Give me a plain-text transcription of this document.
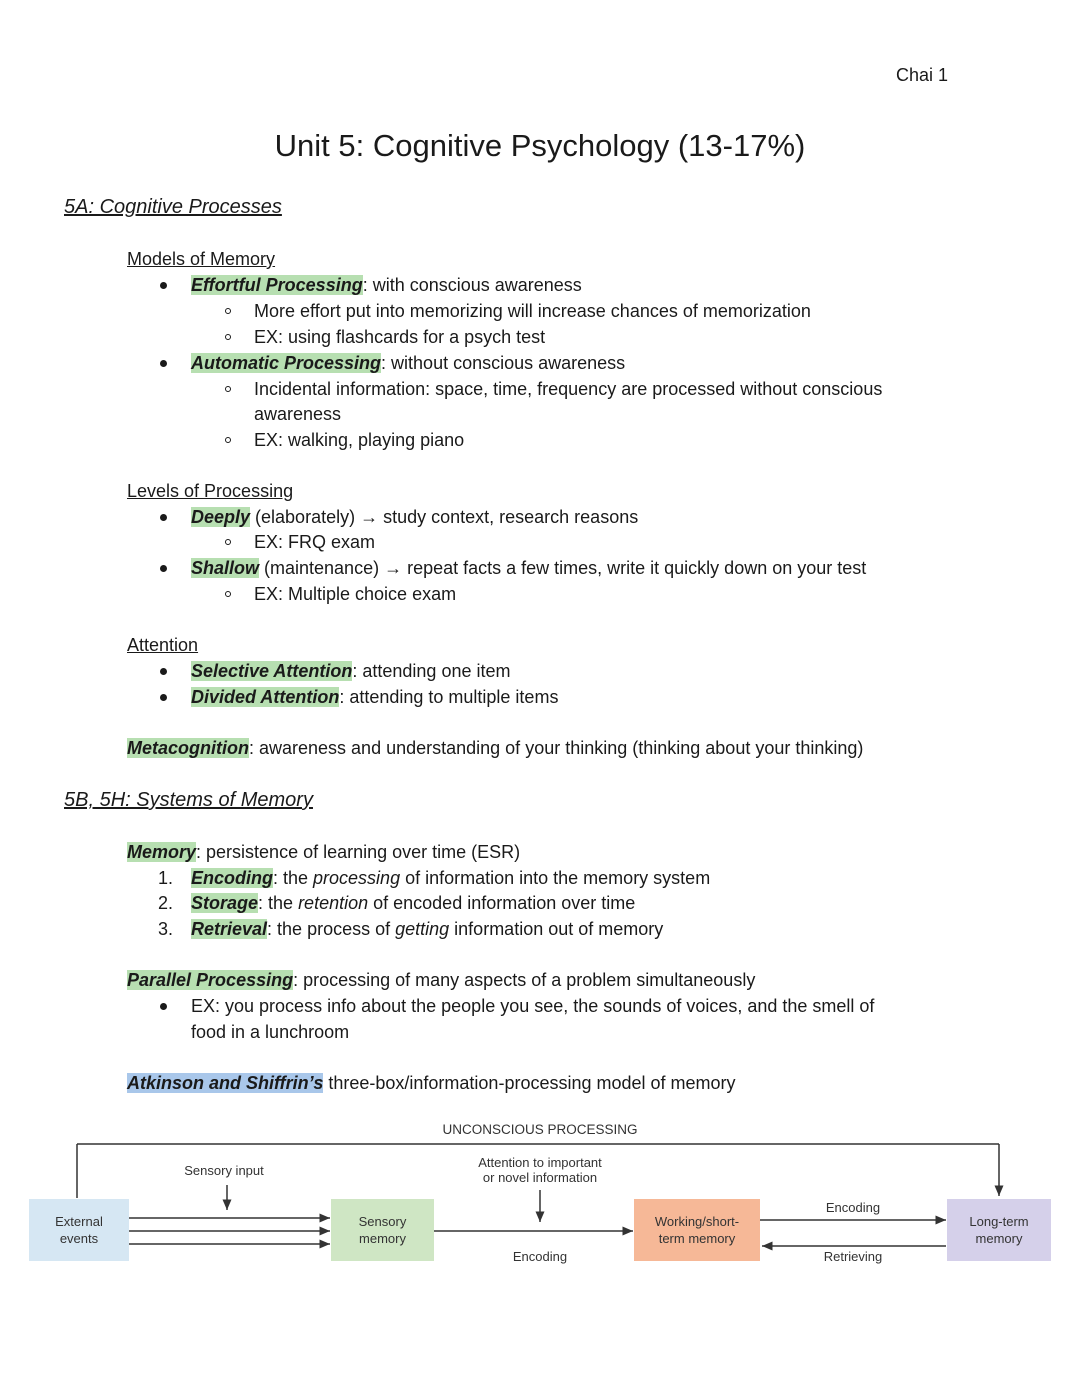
Chai 1
Unit 5: Cognitive Psychology (13-17%)
5A: Cognitive Processes
Models of Memory
Effortful Processing: with conscious awareness
More effort put into memorizing will increase chances of memorization
EX: using flashcards for a psych test
Automatic Processing: without conscious awareness
Incidental information: space, time, frequency are processed without conscious
awareness
EX: walking, playing piano
Levels of Processing
Deeply (elaborately) → study context, research reasons
EX: FRQ exam
Shallow (maintenance) → repeat facts a few times, write it quickly down on your test
EX: Multiple choice exam
Attention
Selective Attention: attending one item
Divided Attention: attending to multiple items
Metacognition: awareness and understanding of your thinking (thinking about your thinking)
5B, 5H: Systems of Memory
Memory: persistence of learning over time (ESR)
1. Encoding: the processing of information into the memory system
2. Storage: the retention of encoded information over time
3. Retrieval: the process of getting information out of memory
Parallel Processing: processing of many aspects of a problem simultaneously
EX: you process info about the people you see, the sounds of voices, and the smell of
food in a lunchroom
Atkinson and Shiffrin’s three-box/information-processing model of memory
UNCONSCIOUS PROCESSING
Sensory input
Attention to important
or novel information
Encoding
Encoding
Retrieving
External
events
Sensory
memory
Working/short-
term memory
Long-term
memory
